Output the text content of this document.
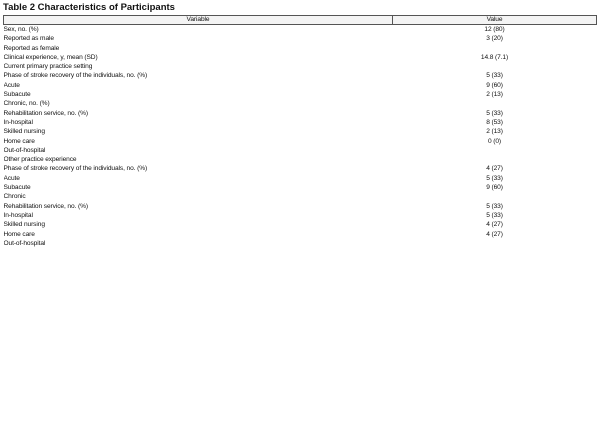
Table 2 Characteristics of Participants
Variable	Value
Sex, no. (%)	12 (80)
Reported as male	3 (20)
Reported as female	
Clinical experience, y, mean (SD)	14.8 (7.1)
Current primary practice setting	
Phase of stroke recovery of the individuals, no. (%)	5 (33)
Acute	9 (60)
Subacute	2 (13)
Chronic, no. (%)	
Rehabilitation service, no. (%)	5 (33)
In-hospital	8 (53)
Skilled nursing	2 (13)
Home care	0 (0)
Out-of-hospital	
Other practice experience	
Phase of stroke recovery of the individuals, no. (%)	4 (27)
Acute	5 (33)
Subacute	9 (60)
Chronic	
Rehabilitation service, no. (%)	5 (33)
In-hospital	5 (33)
Skilled nursing	4 (27)
Home care	4 (27)
Out-of-hospital	
